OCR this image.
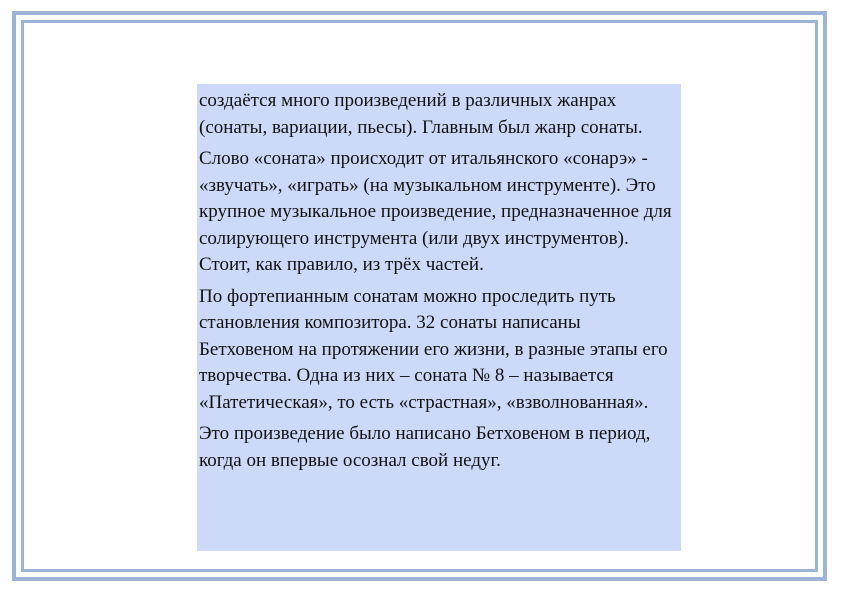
создаётся много произведений в различных жанрах (сонаты, вариации, пьесы). Главным был жанр сонаты.

Слово «соната» происходит от итальянского «сонарэ» - «звучать», «играть» (на музыкальном инструменте). Это крупное музыкальное произведение, предназначенное для солирующего инструмента (или двух инструментов). Стоит, как правило, из трёх частей.

По фортепианным сонатам можно проследить путь становления композитора. 32 сонаты написаны Бетховеном на протяжении его жизни, в разные этапы его творчества. Одна из них – соната № 8 – называется «Патетическая», то есть «страстная», «взволнованная».

Это произведение было написано Бетховеном в период, когда он впервые осознал свой недуг.
